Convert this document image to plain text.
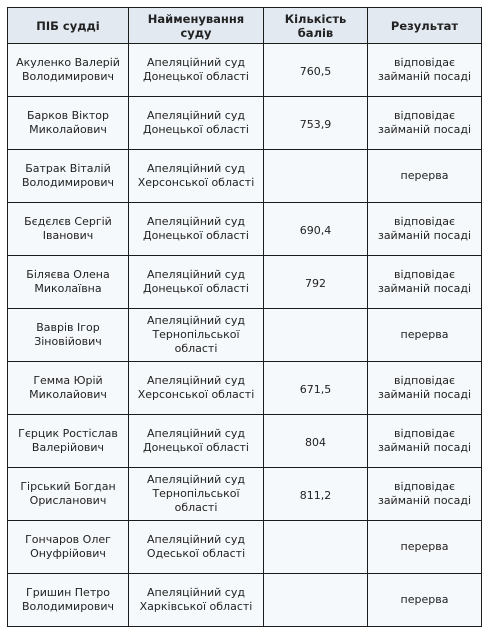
ПІБ судді	Найменування суду	Кількість балів	Результат
Акуленко Валерій Володимирович	Апеляційний суд Донецької області	760,5	відповідає займаній посаді
Барков Віктор Миколайович	Апеляційний суд Донецької області	753,9	відповідає займаній посаді
Батрак Віталій Володимирович	Апеляційний суд Херсонської області		перерва
Бєдєлєв Сергій Іванович	Апеляційний суд Донецької області	690,4	відповідає займаній посаді
Біляєва Олена Миколаївна	Апеляційний суд Донецької області	792	відповідає займаній посаді
Ваврів Ігор Зіновійович	Апеляційний суд Тернопільської області		перерва
Гемма Юрій Миколайович	Апеляційний суд Херсонської області	671,5	відповідає займаній посаді
Гєрцик Ростіслав Валерійович	Апеляційний суд Донецької області	804	відповідає займаній посаді
Гірський Богдан Орисланович	Апеляційний суд Тернопільської області	811,2	відповідає займаній посаді
Гончаров Олег Онуфрійович	Апеляційний суд Одеської області		перерва
Гришин Петро Володимирович	Апеляційний суд Харківської області		перерва
